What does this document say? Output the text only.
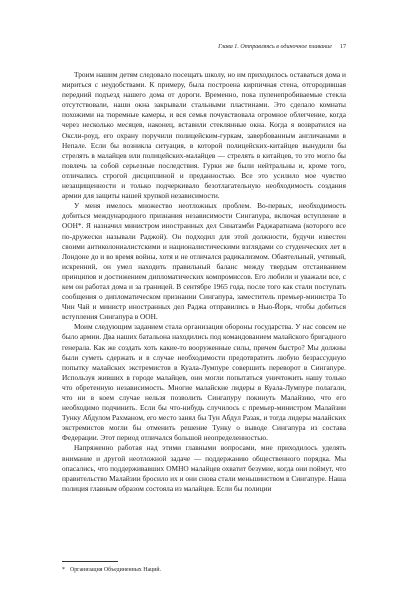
Глава 1. Отправляясь в одиночное плавание 17

Троим нашим детям следовало посещать школу, но им приходилось оставаться дома и мириться с неудобствами. К примеру, была построена кирпичная стена, отгородившая передний подъезд нашего дома от дороги. Временно, пока пуленепробиваемые стекла отсутствовали, наши окна закрывали стальными пластинами. Это сделало комнаты похожими на тюремные камеры, и вся семья почувствовала огромное облегчение, когда через несколько месяцев, наконец, вставили стеклянные окна. Когда я возвратился на Оксли-роуд, его охрану поручили полицейским-гуркам, завербованным англичанами в Непале. Если бы возникла ситуация, в которой полицейских-китайцев вынудили бы стрелять в малайцев или полицейских-малайцев — стрелять в китайцев, то это могло бы повлечь за собой серьезные последствия. Гурки же были нейтральны и, кроме того, отличались строгой дисциплиной и преданностью. Все это усилило мое чувство незащищенности и только подчеркивало безотлагательную необходимость создания армии для защиты нашей хрупкой независимости.

У меня имелось множество неотложных проблем. Во-первых, необходимость добиться международного признания независимости Сингапура, включая вступление в ООН*. Я назначил министром иностранных дел Синатамби Раджаратнама (которого все по-дружески называли Раджой). Он подходил для этой должности, будучи известен своими антиколониалистскими и националистическими взглядами со студенческих лет в Лондоне до и во время войны, хотя и не отличался радикализмом. Обаятельный, учтивый, искренний, он умел находить правильный баланс между твердым отстаиванием принципов и достижением дипломатических компромиссов. Его любили и уважали все, с кем он работал дома и за границей. В сентябре 1965 года, после того как стали поступать сообщения о дипломатическом признании Сингапура, заместитель премьер-министра То Чин Чай и министр иностранных дел Раджа отправились в Нью-Йорк, чтобы добиться вступления Сингапура в ООН.

Моим следующим заданием стала организация обороны государства. У нас совсем не было армии. Два наших батальона находились под командованием малайского бригадного генерала. Как же создать хоть какие-то вооруженные силы, причем быстро? Мы должны были суметь сдержать и в случае необходимости предотвратить любую безрассудную попытку малайских экстремистов в Куала-Лумпуре совершить переворот в Сингапуре. Используя живших в городе малайцев, они могли попытаться уничтожить нашу только что обретенную независимость. Многие малайские лидеры в Куала-Лумпуре полагали, что ни в коем случае нельзя позволить Сингапуру покинуть Малайзию, что его необходимо подчинить. Если бы что-нибудь случилось с премьер-министром Малайзии Тунку Абдулом Рахманом, его место занял бы Тун Абдул Разак, и тогда лидеры малайских экстремистов могли бы отменить решение Тунку о выводе Сингапура из состава Федерации. Этот период отличался большой неопределенностью.

Напряженно работая над этими главными вопросами, мне приходилось уделять внимание и другой неотложной задаче — поддержанию общественного порядка. Мы опасались, что поддерживавших ОМНО малайцев охватит безумие, когда они поймут, что правительство Малайзии бросило их и они снова стали меньшинством в Сингапуре. Наша полиция главным образом состояла из малайцев. Если бы полиции

* Организация Объединенных Наций.
